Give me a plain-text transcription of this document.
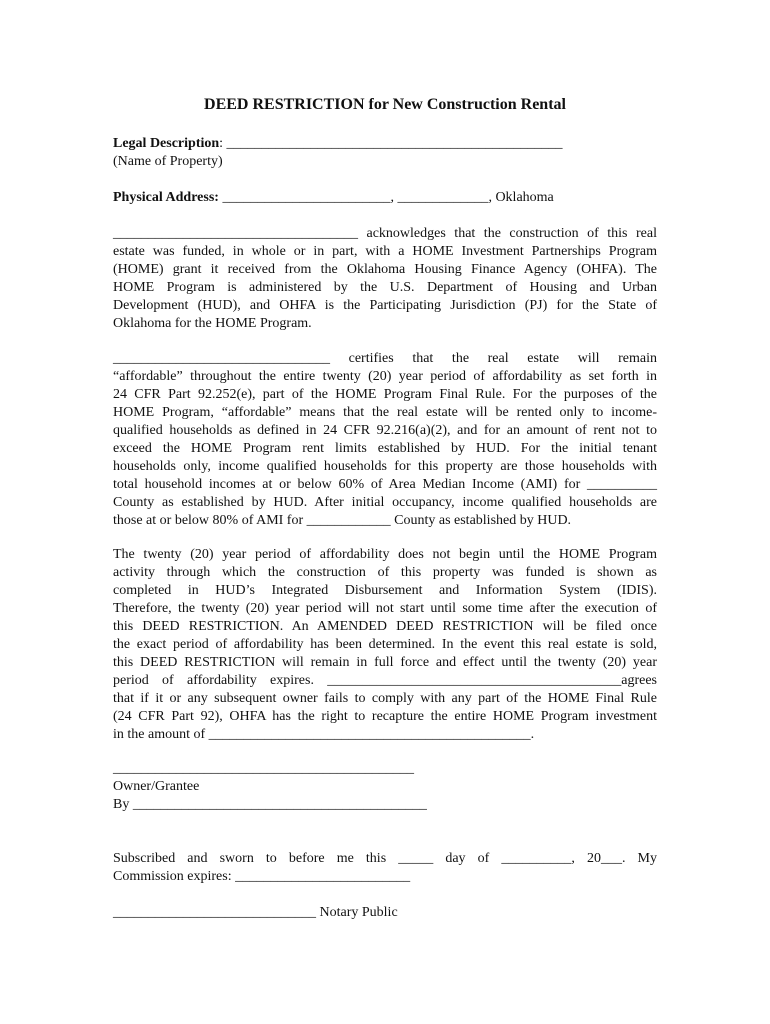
DEED RESTRICTION for New Construction Rental
Legal Description: ________________________________________________
(Name of Property)
Physical Address: ________________________, _____________, Oklahoma
___________________________________ acknowledges that the construction of this real
estate was funded, in whole or in part, with a HOME Investment Partnerships Program
(HOME) grant it received from the Oklahoma Housing Finance Agency (OHFA). The
HOME Program is administered by the U.S. Department of Housing and Urban
Development (HUD), and OHFA is the Participating Jurisdiction (PJ) for the State of
Oklahoma for the HOME Program.
_______________________________ certifies that the real estate will remain
“affordable” throughout the entire twenty (20) year period of affordability as set forth in
24 CFR Part 92.252(e), part of the HOME Program Final Rule. For the purposes of the
HOME Program, “affordable” means that the real estate will be rented only to income-
qualified households as defined in 24 CFR 92.216(a)(2), and for an amount of rent not to
exceed the HOME Program rent limits established by HUD. For the initial tenant
households only, income qualified households for this property are those households with
total household incomes at or below 60% of Area Median Income (AMI) for __________
County as established by HUD. After initial occupancy, income qualified households are
those at or below 80% of AMI for ____________ County as established by HUD.
The twenty (20) year period of affordability does not begin until the HOME Program
activity through which the construction of this property was funded is shown as
completed in HUD’s Integrated Disbursement and Information System (IDIS).
Therefore, the twenty (20) year period will not start until some time after the execution of
this DEED RESTRICTION. An AMENDED DEED RESTRICTION will be filed once
the exact period of affordability has been determined. In the event this real estate is sold,
this DEED RESTRICTION will remain in full force and effect until the twenty (20) year
period of affordability expires. __________________________________________agrees
that if it or any subsequent owner fails to comply with any part of the HOME Final Rule
(24 CFR Part 92), OHFA has the right to recapture the entire HOME Program investment
in the amount of ______________________________________________.
___________________________________________
Owner/Grantee
By __________________________________________
Subscribed and sworn to before me this _____ day of __________, 20___. My
Commission expires: _________________________
_____________________________ Notary Public
